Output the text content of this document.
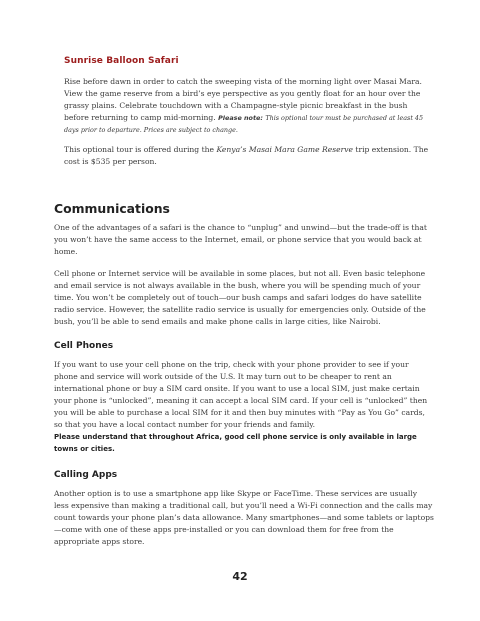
Sunrise Balloon Safari

Rise before dawn in order to catch the sweeping vista of the morning light over Masai Mara. View the game reserve from a bird’s eye perspective as you gently float for an hour over the grassy plains. Celebrate touchdown with a Champagne-style picnic breakfast in the bush before returning to camp mid-morning. Please note: This optional tour must be purchased at least 45 days prior to departure. Prices are subject to change.

This optional tour is offered during the Kenya’s Masai Mara Game Reserve trip extension. The cost is $535 per person.

Communications

One of the advantages of a safari is the chance to “unplug” and unwind—but the trade-off is that you won’t have the same access to the Internet, email, or phone service that you would back at home.

Cell phone or Internet service will be available in some places, but not all. Even basic telephone and email service is not always available in the bush, where you will be spending much of your time. You won’t be completely out of touch—our bush camps and safari lodges do have satellite radio service. However, the satellite radio service is usually for emergencies only. Outside of the bush, you’ll be able to send emails and make phone calls in large cities, like Nairobi.

Cell Phones

If you want to use your cell phone on the trip, check with your phone provider to see if your phone and service will work outside of the U.S. It may turn out to be cheaper to rent an international phone or buy a SIM card onsite. If you want to use a local SIM, just make certain your phone is “unlocked”, meaning it can accept a local SIM card. If your cell is “unlocked” then you will be able to purchase a local SIM for it and then buy minutes with “Pay as You Go” cards, so that you have a local contact number for your friends and family.

Please understand that throughout Africa, good cell phone service is only available in large towns or cities.

Calling Apps

Another option is to use a smartphone app like Skype or FaceTime. These services are usually less expensive than making a traditional call, but you’ll need a Wi-Fi connection and the calls may count towards your phone plan’s data allowance. Many smartphones—and some tablets or laptops—come with one of these apps pre-installed or you can download them for free from the appropriate apps store.

42
